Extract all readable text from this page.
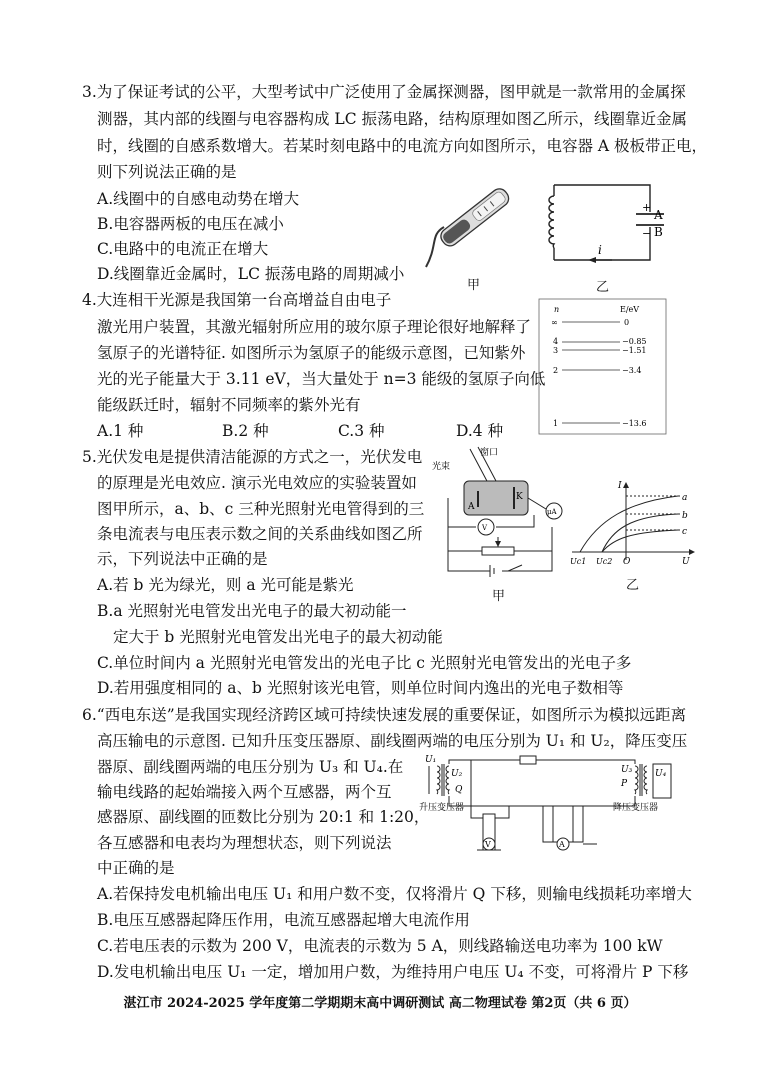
3.为了保证考试的公平，大型考试中广泛使用了金属探测器，图甲就是一款常用的金属探
测器，其内部的线圈与电容器构成 LC 振荡电路，结构原理如图乙所示，线圈靠近金属
时，线圈的自感系数增大。若某时刻电路中的电流方向如图所示，电容器 A 极板带正电，
则下列说法正确的是
A.线圈中的自感电动势在增大
B.电容器两板的电压在减小
C.电路中的电流正在增大
D.线圈靠近金属时，LC 振荡电路的周期减小
甲
+
−
A
B
i
乙
4.大连相干光源是我国第一台高增益自由电子
激光用户装置，其激光辐射所应用的玻尔原子理论很好地解释了
氢原子的光谱特征. 如图所示为氢原子的能级示意图，已知紫外
光的光子能量大于 3.11 eV，当大量处于 n=3 能级的氢原子向低
能级跃迁时，辐射不同频率的紫外光有
A.1 种	B.2 种	C.3 种	D.4 种
n	E/eV
∞	0
4	−0.85
3	−1.51
2	−3.4
1	−13.6
5.光伏发电是提供清洁能源的方式之一，光伏发电
的原理是光电效应. 演示光电效应的实验装置如
图甲所示，a、b、c 三种光照射光电管得到的三
条电流表与电压表示数之间的关系曲线如图乙所
示，下列说法中正确的是
A.若 b 光为绿光，则 a 光可能是紫光
B.a 光照射光电管发出光电子的最大初动能一
定大于 b 光照射光电管发出光电子的最大初动能
C.单位时间内 a 光照射光电管发出的光电子比 c 光照射光电管发出的光电子多
D.若用强度相同的 a、b 光照射该光电管，则单位时间内逸出的光电子数相等
窗口
光束
A
K
V
μA
甲
I
U
O
Uc1 Uc2
a
b
c
乙
6.“西电东送”是我国实现经济跨区域可持续快速发展的重要保证，如图所示为模拟远距离
高压输电的示意图. 已知升压变压器原、副线圈两端的电压分别为 U₁ 和 U₂，降压变压
器原、副线圈两端的电压分别为 U₃ 和 U₄.在
输电线路的起始端接入两个互感器，两个互
感器原、副线圈的匝数比分别为 20:1 和 1:20，
各互感器和电表均为理想状态，则下列说法
中正确的是
A.若保持发电机输出电压 U₁ 和用户数不变，仅将滑片 Q 下移，则输电线损耗功率增大
B.电压互感器起降压作用，电流互感器起增大电流作用
C.若电压表的示数为 200 V，电流表的示数为 5 A，则线路输送电功率为 100 kW
D.发电机输出电压 U₁ 一定，增加用户数，为维持用户电压 U₄ 不变，可将滑片 P 下移
U₁
U₂
Q
P
U₃	U₄
升压变压器	降压变压器
V	A
湛江市 2024-2025 学年度第二学期期末高中调研测试 高二物理试卷 第2页（共 6 页）
